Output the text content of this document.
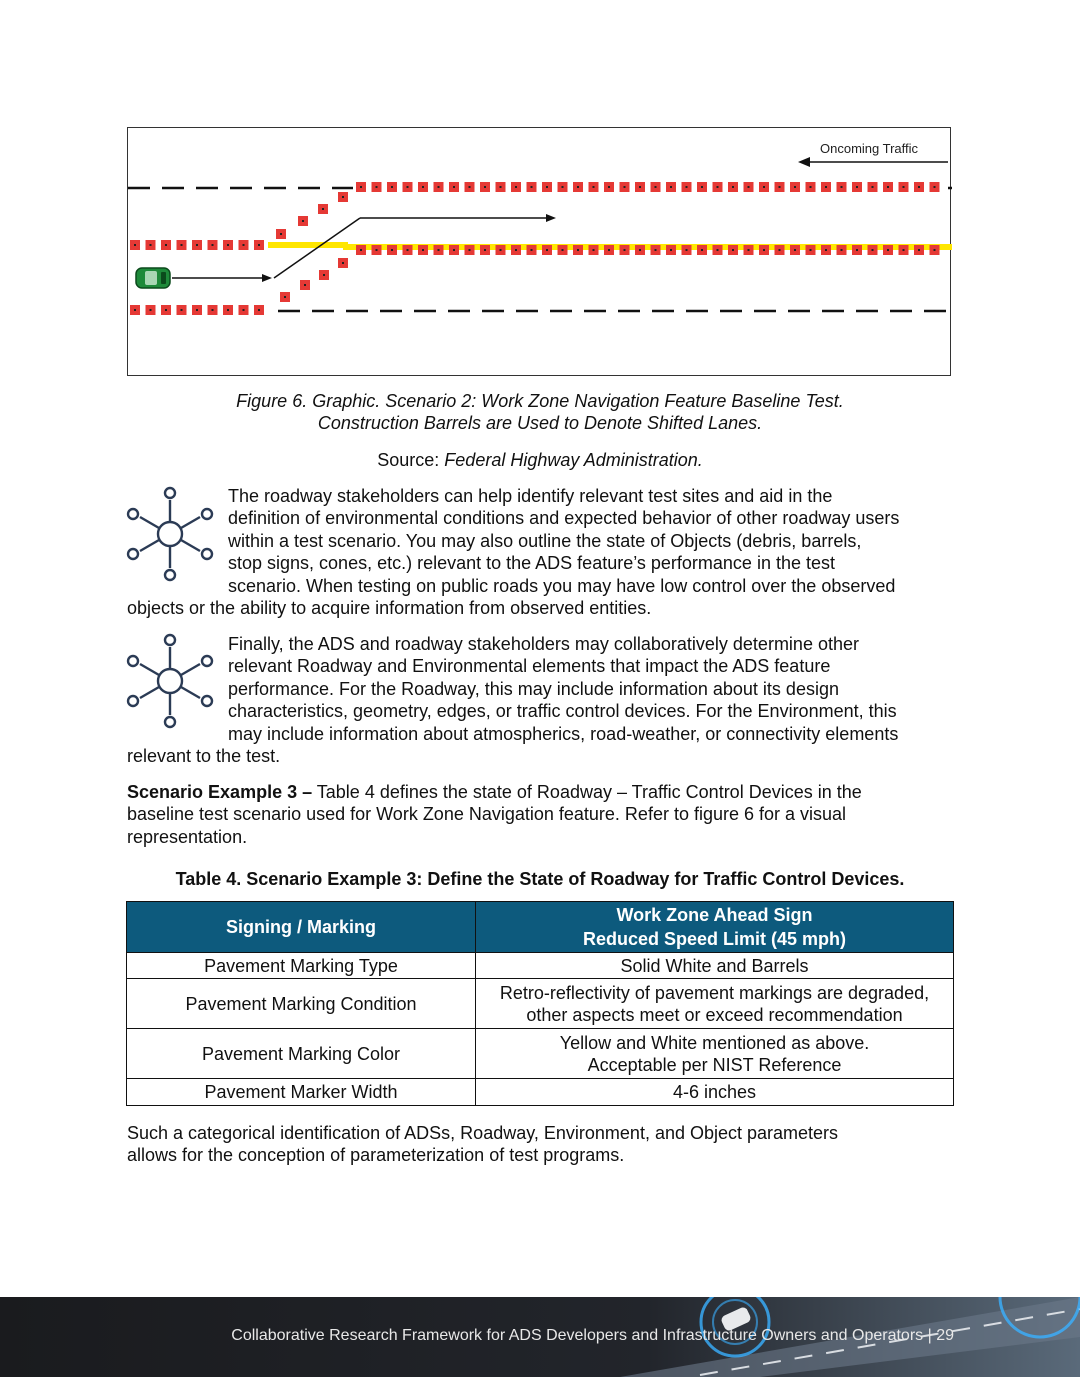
Oncoming Traffic
Figure 6. Graphic. Scenario 2: Work Zone Navigation Feature Baseline Test.
Construction Barrels are Used to Denote Shifted Lanes.
Source: Federal Highway Administration.
The roadway stakeholders can help identify relevant test sites and aid in the
definition of environmental conditions and expected behavior of other roadway users
within a test scenario. You may also outline the state of Objects (debris, barrels,
stop signs, cones, etc.) relevant to the ADS feature’s performance in the test
scenario. When testing on public roads you may have low control over the observed
objects or the ability to acquire information from observed entities.
Finally, the ADS and roadway stakeholders may collaboratively determine other
relevant Roadway and Environmental elements that impact the ADS feature
performance. For the Roadway, this may include information about its design
characteristics, geometry, edges, or traffic control devices. For the Environment, this
may include information about atmospherics, road-weather, or connectivity elements
relevant to the test.
Scenario Example 3 – Table 4 defines the state of Roadway – Traffic Control Devices in the
baseline test scenario used for Work Zone Navigation feature. Refer to figure 6 for a visual
representation.
Table 4. Scenario Example 3: Define the State of Roadway for Traffic Control Devices.
Signing / Marking	Work Zone Ahead Sign
Reduced Speed Limit (45 mph)

Pavement Marking Type	Solid White and Barrels
Pavement Marking Condition	Retro-reflectivity of pavement markings are degraded,
other aspects meet or exceed recommendation

Pavement Marking Color	Yellow and White mentioned as above.
Acceptable per NIST Reference

Pavement Marker Width	4-6 inches
Such a categorical identification of ADSs, Roadway, Environment, and Object parameters
allows for the conception of parameterization of test programs.
Collaborative Research Framework for ADS Developers and Infrastructure Owners and Operators | 29
